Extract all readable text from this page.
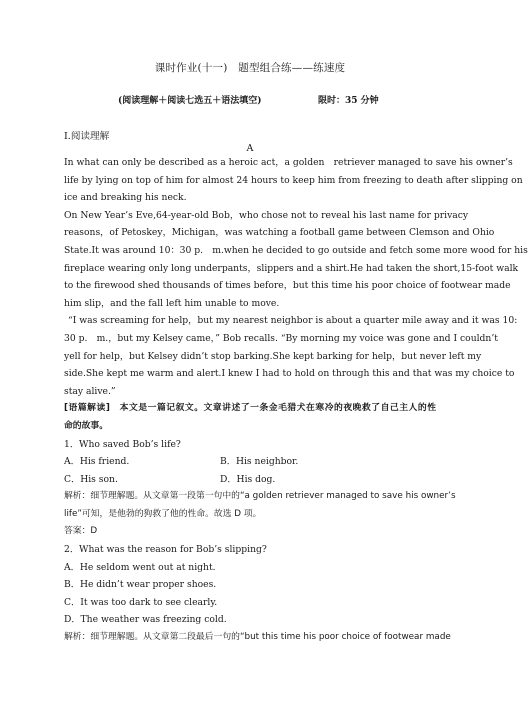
课时作业(十一)　题型组合练——练速度
(阅读理解＋阅读七选五＋语法填空)	限时：35 分钟
Ⅰ.阅读理解
A
In what can only be described as a heroic act，a golden　retriever managed to save his owner’s
life by lying on top of him for almost 24 hours to keep him from freezing to death after slipping on
ice and breaking his neck.
On New Year’s Eve,64-year-old Bob，who chose not to reveal his last name for privacy
reasons，of Petoskey，Michigan，was watching a football game between Clemson and Ohio
State.It was around 10：30 p.　m.when he decided to go outside and fetch some more wood for his
fireplace wearing only long underpants，slippers and a shirt.He had taken the short,15-foot walk
to the firewood shed thousands of times before，but this time his poor choice of footwear made
him slip，and the fall left him unable to move.
“I was screaming for help，but my nearest neighbor is about a quarter mile away and it was 10:
30 p.　m.，but my Kelsey came，” Bob recalls. “By morning my voice was gone and I couldn’t
yell for help，but Kelsey didn’t stop barking.She kept barking for help，but never left my
side.She kept me warm and alert.I knew I had to hold on through this and that was my choice to
stay alive.”
[语篇解读]　本文是一篇记叙文。文章讲述了一条金毛猎犬在寒冷的夜晚救了自己主人的性
命的故事。
1．Who saved Bob’s life?
A．His friend.	B．His neighbor.
C．His son.	D．His dog.
解析：细节理解题。从文章第一段第一句中的“a golden retriever managed to save his owner’s
life”可知，是他勃的狗救了他的性命。故选 D 项。
答案：D
2．What was the reason for Bob’s slipping?
A．He seldom went out at night.
B．He didn’t wear proper shoes.
C．It was too dark to see clearly.
D．The weather was freezing cold.
解析：细节理解题。从文章第二段最后一句的“but this time his poor choice of footwear made
